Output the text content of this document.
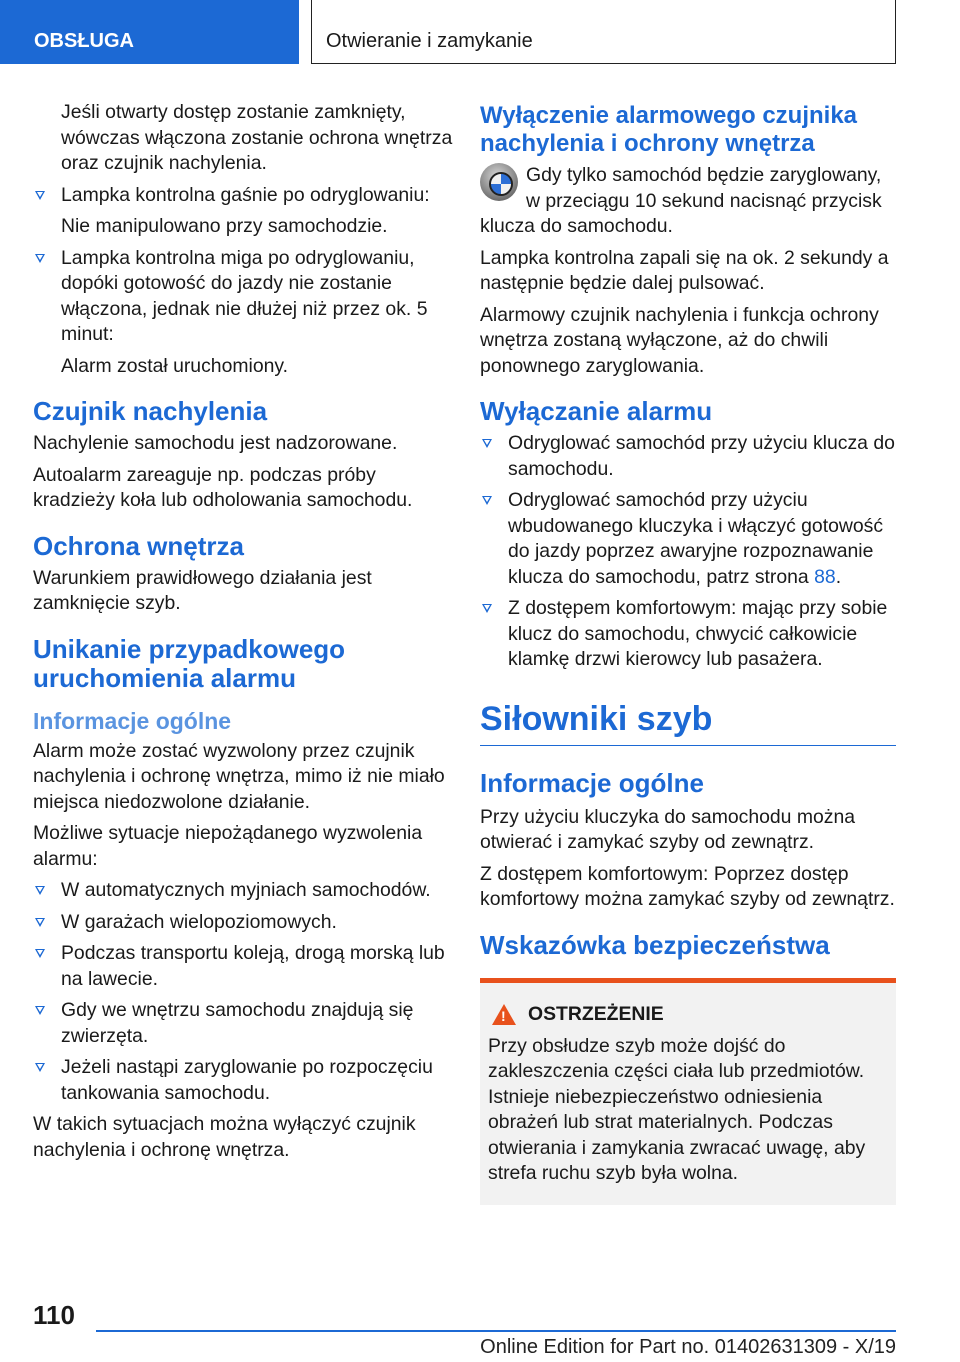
OBSŁUGA	Otwieranie i zamykanie

Jeśli otwarty dostęp zostanie zamknięty, wówczas włączona zostanie ochrona wnętrza oraz czujnik nachylenia.

Lampka kontrolna gaśnie po odryglowaniu:
Nie manipulowano przy samochodzie.
Lampka kontrolna miga po odryglowaniu, dopóki gotowość do jazdy nie zostanie włączona, jednak nie dłużej niż przez ok. 5 minut:
Alarm został uruchomiony.
Czujnik nachylenia

Nachylenie samochodu jest nadzorowane.

Autoalarm zareaguje np. podczas próby kradzieży koła lub odholowania samochodu.

Ochrona wnętrza

Warunkiem prawidłowego działania jest zamknięcie szyb.

Unikanie przypadkowego uruchomienia alarmu
Informacje ogólne

Alarm może zostać wyzwolony przez czujnik nachylenia i ochronę wnętrza, mimo iż nie miało miejsca niedozwolone działanie.

Możliwe sytuacje niepożądanego wyzwolenia alarmu:

W automatycznych myjniach samochodów.
W garażach wielopoziomowych.
Podczas transportu koleją, drogą morską lub na lawecie.
Gdy we wnętrzu samochodu znajdują się zwierzęta.
Jeżeli nastąpi zaryglowanie po rozpoczęciu tankowania samochodu.

W takich sytuacjach można wyłączyć czujnik nachylenia i ochronę wnętrza.

Wyłączenie alarmowego czujnika nachylenia i ochrony wnętrza

Gdy tylko samochód będzie zaryglowany, w przeciągu 10 sekund nacisnąć przycisk klucza do samochodu.

Lampka kontrolna zapali się na ok. 2 sekundy a następnie będzie dalej pulsować.

Alarmowy czujnik nachylenia i funkcja ochrony wnętrza zostaną wyłączone, aż do chwili ponownego zaryglowania.

Wyłączanie alarmu
Odryglować samochód przy użyciu klucza do samochodu.
Odryglować samochód przy użyciu wbudowanego kluczyka i włączyć gotowość do jazdy poprzez awaryjne rozpoznawanie klucza do samochodu, patrz strona 88.
Z dostępem komfortowym: mając przy sobie klucz do samochodu, chwycić całkowicie klamkę drzwi kierowcy lub pasażera.
Siłowniki szyb
Informacje ogólne

Przy użyciu kluczyka do samochodu można otwierać i zamykać szyby od zewnątrz.

Z dostępem komfortowym: Poprzez dostęp komfortowy można zamykać szyby od zewnątrz.

Wskazówka bezpieczeństwa
!
OSTRZEŻENIE

Przy obsłudze szyb może dojść do zakleszczenia części ciała lub przedmiotów. Istnieje niebezpieczeństwo odniesienia obrażeń lub strat materialnych. Podczas otwierania i zamykania zwracać uwagę, aby strefa ruchu szyb była wolna.

110
Online Edition for Part no. 01402631309 - X/19
